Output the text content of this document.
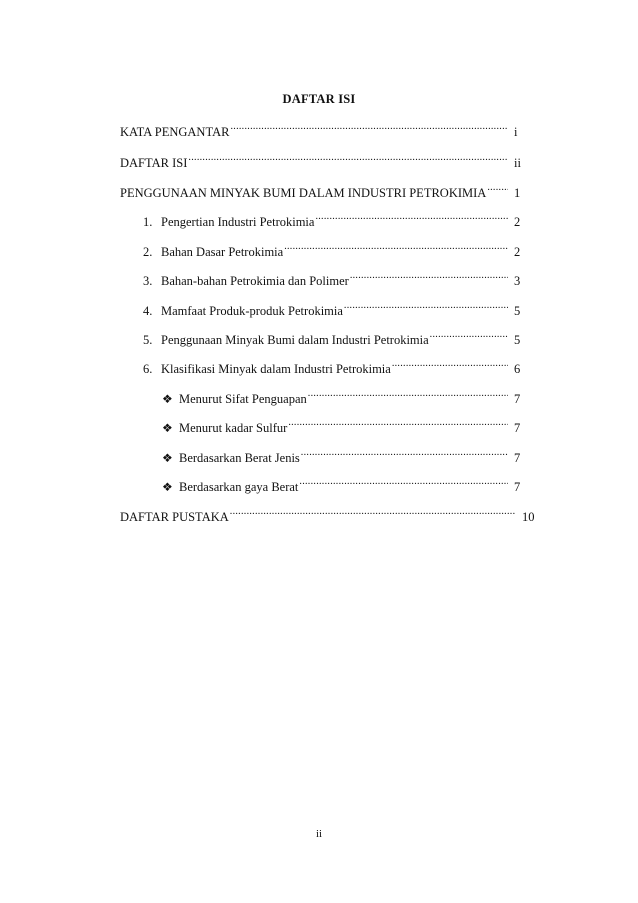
DAFTAR ISI
KATA PENGANTAR .....	i
DAFTAR ISI .....	ii
PENGGUNAAN MINYAK BUMI DALAM INDUSTRI PETROKIMIA ..... 1
1. Pengertian Industri Petrokimia .....	2
2. Bahan Dasar Petrokimia .....	2
3. Bahan-bahan Petrokimia dan Polimer .....	3
4. Mamfaat Produk-produk Petrokimia .....	5
5. Penggunaan Minyak Bumi dalam Industri Petrokimia .....	5
6. Klasifikasi Minyak dalam Industri Petrokimia .....	6
❖ Menurut Sifat Penguapan .....	7
❖ Menurut kadar Sulfur .....	7
❖ Berdasarkan Berat Jenis .....	7
❖ Berdasarkan gaya Berat .....	7
DAFTAR PUSTAKA .....	10
ii
